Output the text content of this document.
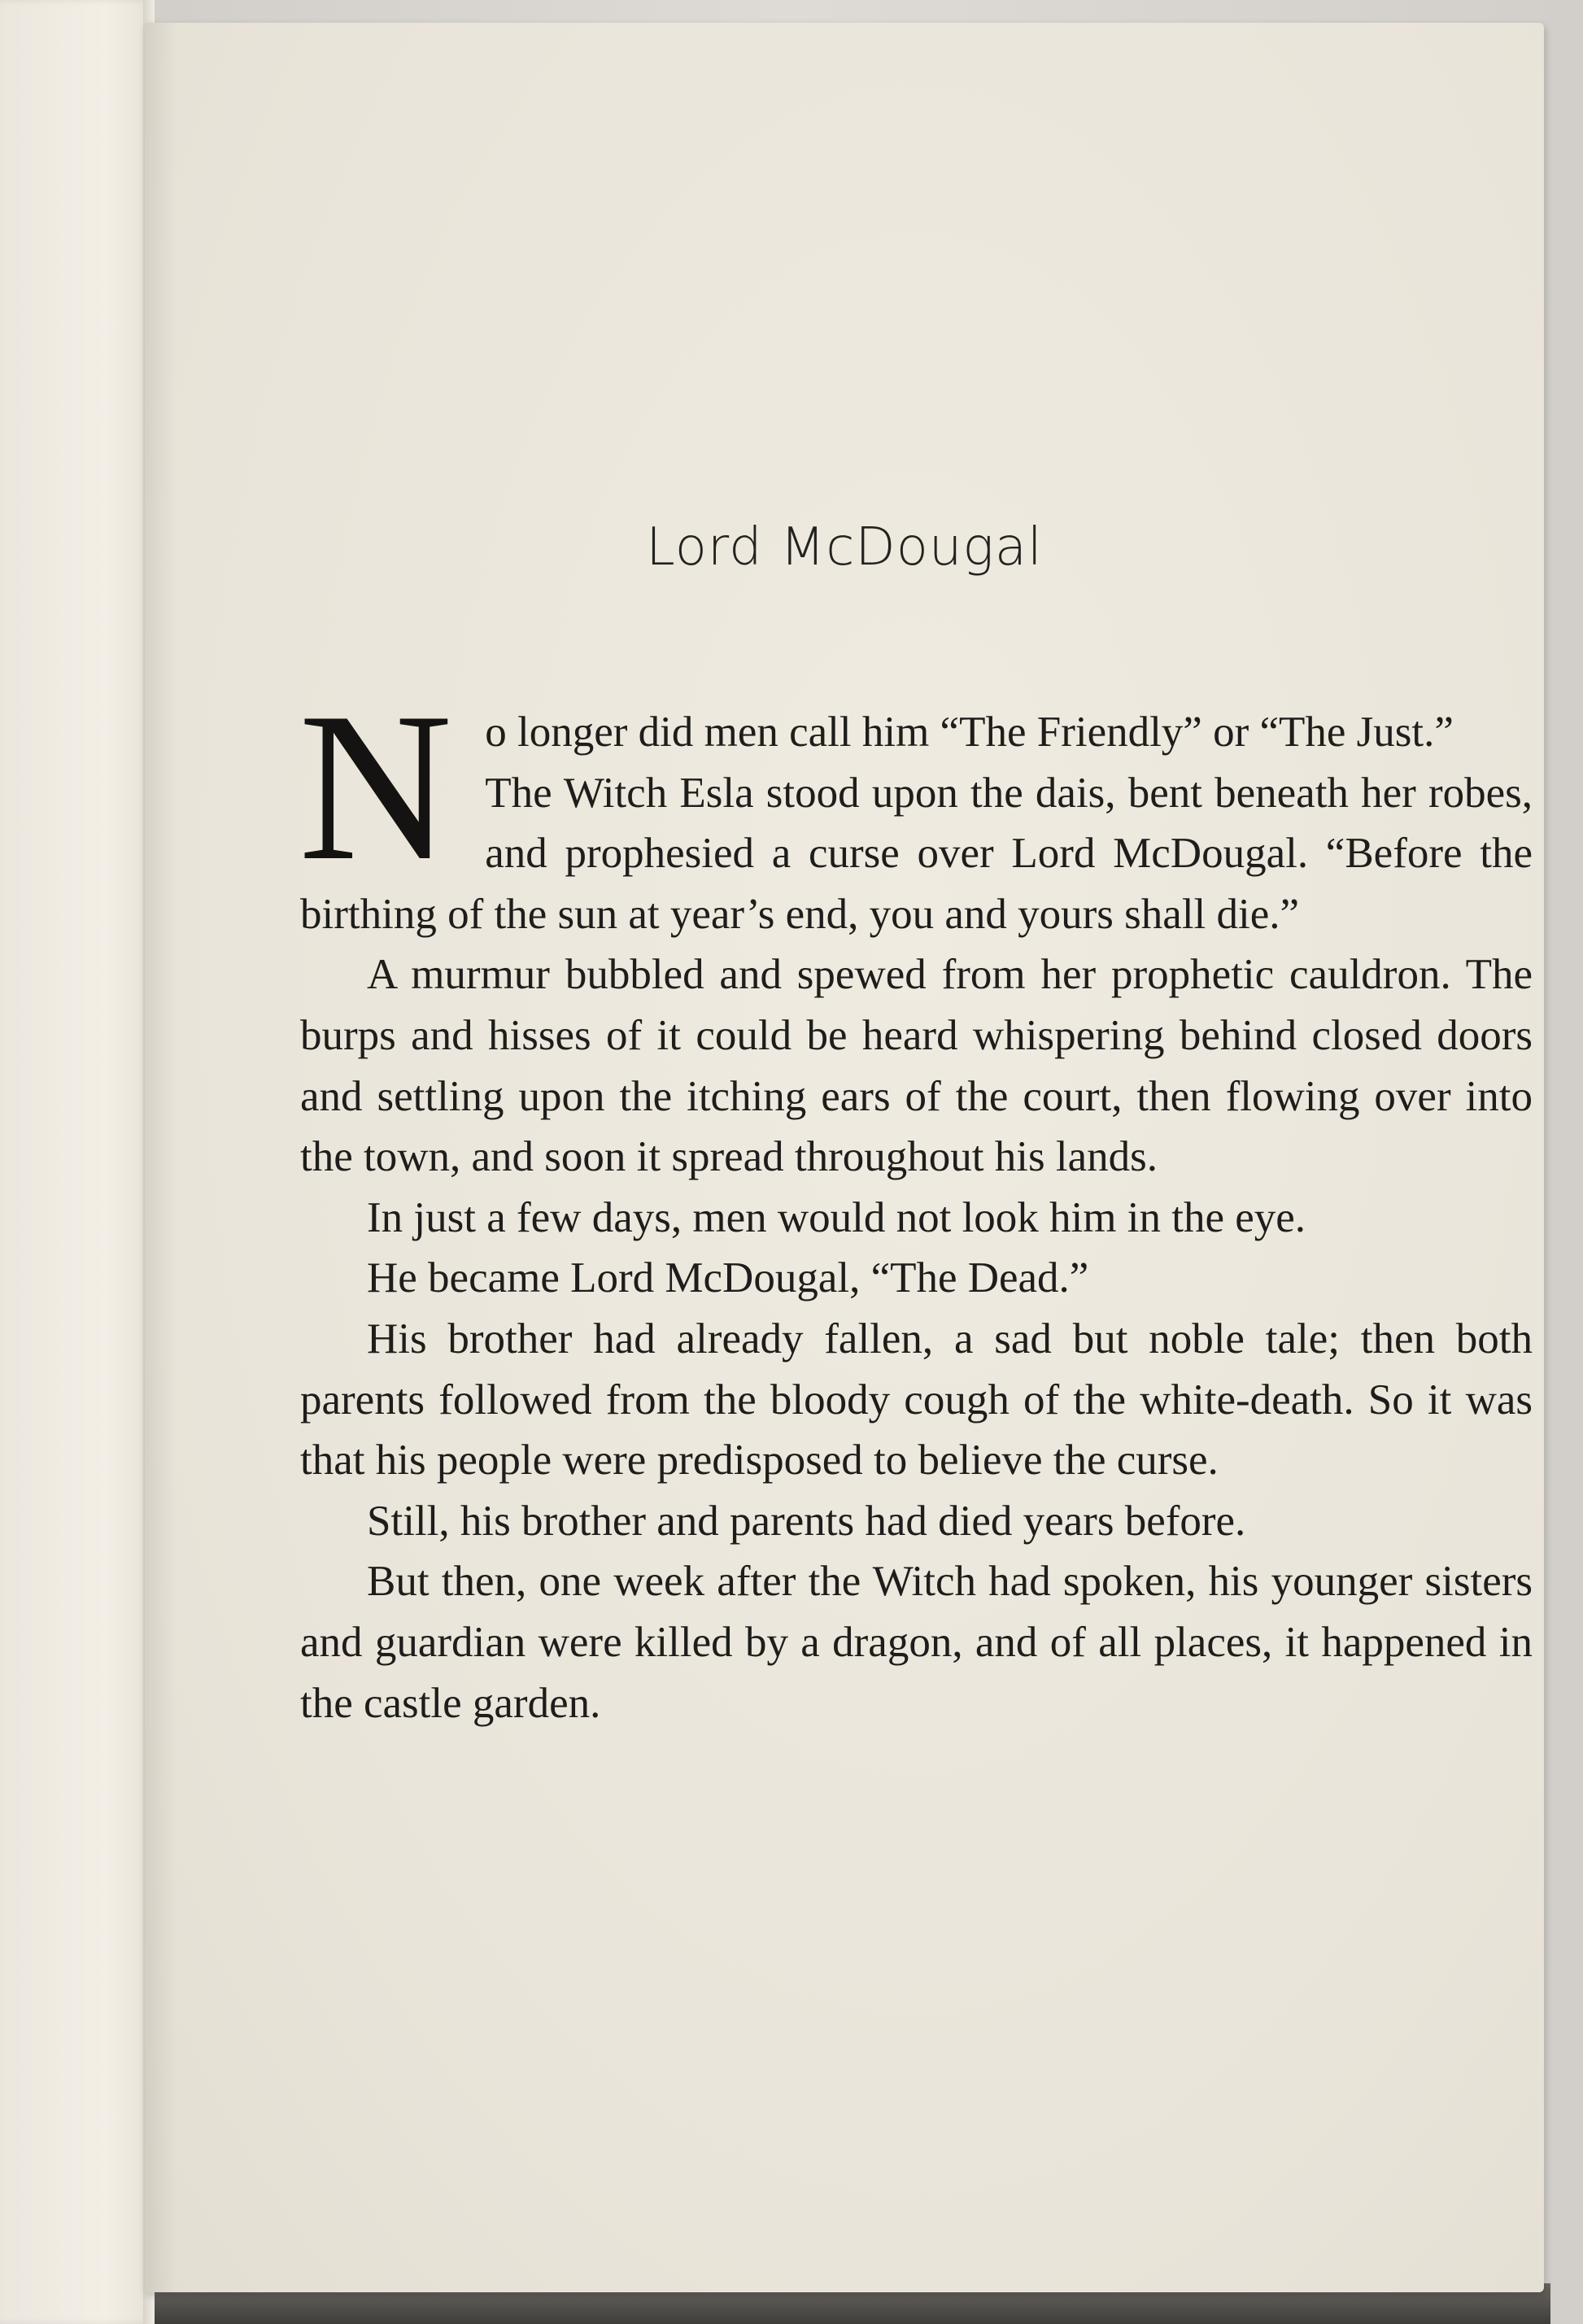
Lord McDougal

No longer did men call him “The Friendly” or “The Just.”

The Witch Esla stood upon the dais, bent beneath her robes, and prophesied a curse over Lord McDougal. “Before the birthing of the sun at year’s end, you and yours shall die.”

A murmur bubbled and spewed from her prophetic cauldron. The burps and hisses of it could be heard whispering behind closed doors and settling upon the itching ears of the court, then flowing over into the town, and soon it spread throughout his lands.

In just a few days, men would not look him in the eye.

He became Lord McDougal, “The Dead.”

His brother had already fallen, a sad but noble tale; then both parents followed from the bloody cough of the white-death. So it was that his people were predisposed to believe the curse.

Still, his brother and parents had died years before.

But then, one week after the Witch had spoken, his younger sisters and guardian were killed by a dragon, and of all places, it happened in the castle garden.
